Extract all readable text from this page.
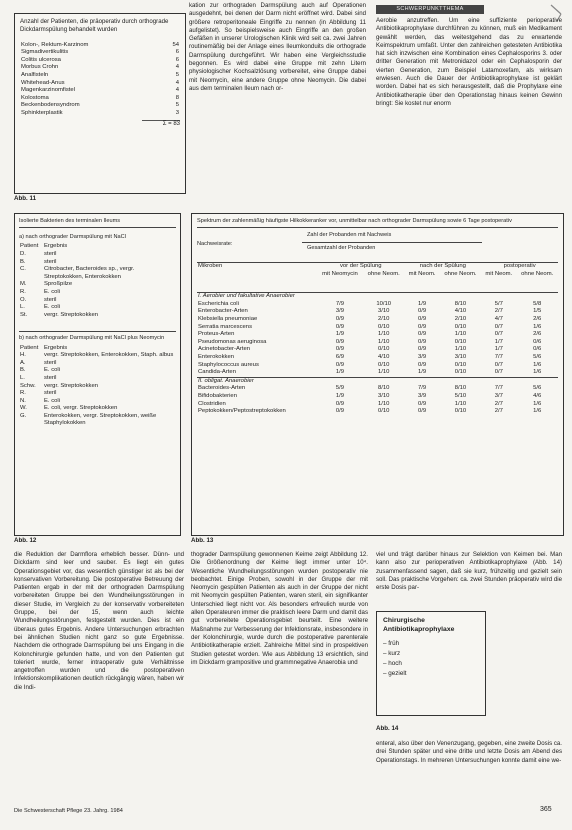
SCHWERPUNKTTHEMA
Anzahl der Patienten, die präoperativ durch orthograde Dickdarmspülung behandelt wurden
Kolon-, Rektum-Karzinom	54
Sigmadivertikulitis	6
Colitis ulcerosa	6
Morbus Crohn	4
Analfisteln	5
Whitehead-Anus	4
Magenkarzinomfistel	4
Kolostoma	8
Beckenbodensyndrom	5
Sphinkterplastik	3
Σ = 83
Abb. 11

kation zur orthograden Darmspülung auch auf Operationen ausgedehnt, bei denen der Darm nicht eröffnet wird. Dabei sind größere retroperitoneale Eingriffe zu nennen (in Abbildung 11 aufgelistet). So beispielsweise auch Eingriffe an den großen Gefäßen in unserer Urologischen Klinik wird seit ca. zwei Jahren routinemäßig bei der Anlage eines Ileumkonduits die orthograde Darmspülung durchgeführt. Wir haben eine Vergleichsstudie begonnen. Es wird dabei eine Gruppe mit zehn Litern physiologischer Kochsalzlösung vorbereitet, eine Gruppe dabei mit Neomycin, eine andere Gruppe ohne Neomycin. Die dabei aus dem terminalen Ileum nach or-

Aerobie anzutreffen. Um eine suffiziente perioperative Antibiotikaprophylaxe durchführen zu können, muß ein Medikament gewählt werden, das weitestgehend das zu erwartende Keimspektrum umfaßt. Unter den zahlreichen getesteten Antibiotika hat sich inzwischen eine Kombination eines Cephalosporins 3. oder dritter Generation mit Metronidazol oder ein Cephalosporin der vierten Generation, zum Beispiel Latamoxefam, als wirksam erwiesen. Auch die Dauer der Antibiotikaprophylaxe ist geklärt worden. Dabei hat es sich herausgestellt, daß die Prophylaxe eine Antibiotikatherapie über den Operationstag hinaus keinen Gewinn bringt: Sie kostet nur enorm

Isolierte Bakterien des terminalen Ileums
a) nach orthograder Darmspülung mit NaCl
Patient	Ergebnis
D.	steril
B.	steril
C.	Citrobacter, Bacteroides sp., vergr. Streptokokken, Enterokokken
M.	Sproßpilze
R.	E. coli
O.	steril
L.	E. coli
St.	vergr. Streptokokken
b) nach orthograder Darmspülung mit NaCl plus Neomycin
Patient	Ergebnis
H.	vergr. Streptokokken, Enterokokken, Staph. albus
A.	steril
B.	E. coli
L.	steril
Schw.	vergr. Streptokokken
R.	steril
N.	E. coli
W.	E. coli, vergr. Streptokokken
G.	Enterokokken, vergr. Streptokokken, weiße Staphylokokken
Abb. 12
Spektrum der zahlenmäßig häufigste Hilkokkeranker vor, unmittelbar nach orthograder Darmspülung sowie 6 Tage postoperativ
Nachweisrate:
Zahl der Probanden mit Nachweis
Gesamtzahl der Probanden
Mikroben	vor der Spülung		nach der Spülung		postoperativ	
	mit Neomycin	ohne Neom.	mit Neom.	ohne Neom.	mit Neom.	ohne Neom.
I. Aerobier und fakultative Anaerobier						
Escherichia coli	7/9	10/10	1/9	8/10	5/7	5/8
Enterobacter-Arten	3/9	3/10	0/9	4/10	2/7	1/5
Klebsiella pneumoniae	0/9	2/10	0/9	2/10	4/7	2/6
Serratia marcescens	0/9	0/10	0/9	0/10	0/7	1/6
Proteus-Arten	1/9	1/10	0/9	1/10	0/7	2/6
Pseudomonas aeruginosa	0/9	1/10	0/9	0/10	1/7	0/6
Acinetobacter-Arten	0/9	0/10	0/9	1/10	1/7	0/6
Enterokokken	6/9	4/10	3/9	3/10	7/7	5/6
Staphylococcus aureus	0/9	0/10	0/9	0/10	0/7	1/6
Candida-Arten	1/9	1/10	1/9	0/10	0/7	1/6
II. obligat. Anaerobier						
Bacteroides-Arten	5/9	8/10	7/9	8/10	7/7	5/6
Bifidobakterien	1/9	3/10	3/9	5/10	3/7	4/6
Clostridien	0/9	1/10	0/9	1/10	2/7	1/6
Peptokokken/Peptostreptokokken	0/9	0/10	0/9	0/10	2/7	1/6
Abb. 13

die Reduktion der Darmflora erheblich besser. Dünn- und Dickdarm sind leer und sauber. Es liegt ein gutes Operationsgebiet vor, das wesentlich günstiger ist als bei der konservativen Vorbereitung. Die postoperative Betreuung der Patienten ergab in der mit der orthograden Darmspülung vorbereiteten Gruppe bei den Wundheilungsstörungen in dieser Studie, im Vergleich zu der konservativ vorbereiteten Gruppe, bei der 15, wenn auch leichte Wundheilungsstörungen, festgestellt wurden. Dies ist ein überaus gutes Ergebnis. Andere Untersuchungen erbrachten bei ähnlichen Studien nicht ganz so gute Ergebnisse. Nachdem die orthograde Darmspülung bei uns Eingang in die Kolonchirurgie gefunden hatte, und von den Patienten gut toleriert wurde, ferner intraoperativ gute Verhältnisse angetroffen wurden und die postoperativen Infektionskomplikationen deutlich rückgängig wären, haben wir die Indi-

thograder Darmspülung gewonnenen Keime zeigt Abbildung 12. Die Größenordnung der Keime liegt immer unter 10⁴. Wesentliche Wundheilungsstörungen wurden postoperativ nie beobachtet. Einige Proben, sowohl in der Gruppe der mit Neomycin gespülten Patienten als auch in der Gruppe der nicht mit Neomycin gespülten Patienten, waren steril, ein signifikanter Unterschied liegt nicht vor. Als besonders erfreulich wurde von allen Operateuren immer die praktisch leere Darm und damit das gut vorbereitete Operationsgebiet beurteilt. Eine weitere Maßnahme zur Verbesserung der Infektionsrate, insbesondere in der Kolonchirurgie, wurde durch die postoperative parenterale Antibiotikatherapie erzielt. Zahlreiche Mittel sind in prospektiven Studien getestet worden. Wie aus Abbildung 13 ersichtlich, sind im Dickdarm grampositive und grammnegative Anaerobia und

viel und trägt darüber hinaus zur Selektion von Keimen bei. Man kann also zur perioperativen Antibiotikaprophylaxe (Abb. 14) zusammenfassend sagen, daß sie kurz, frühzeitig und gezielt sein soll. Das praktische Vorgehen: ca. zwei Stunden präoperativ wird die erste Dosis par-

Chirurgische Antibiotikaprophylaxe
– früh
– kurz
– hoch
– gezielt
Abb. 14

enteral, also über den Venenzugang, gegeben, eine zweite Dosis ca. drei Stunden später und eine dritte und letzte Dosis am Abend des Operationstags. In mehreren Untersuchungen konnte damit eine we-

Die Schwesterschaft Pflege 23. Jahrg. 1984	365
